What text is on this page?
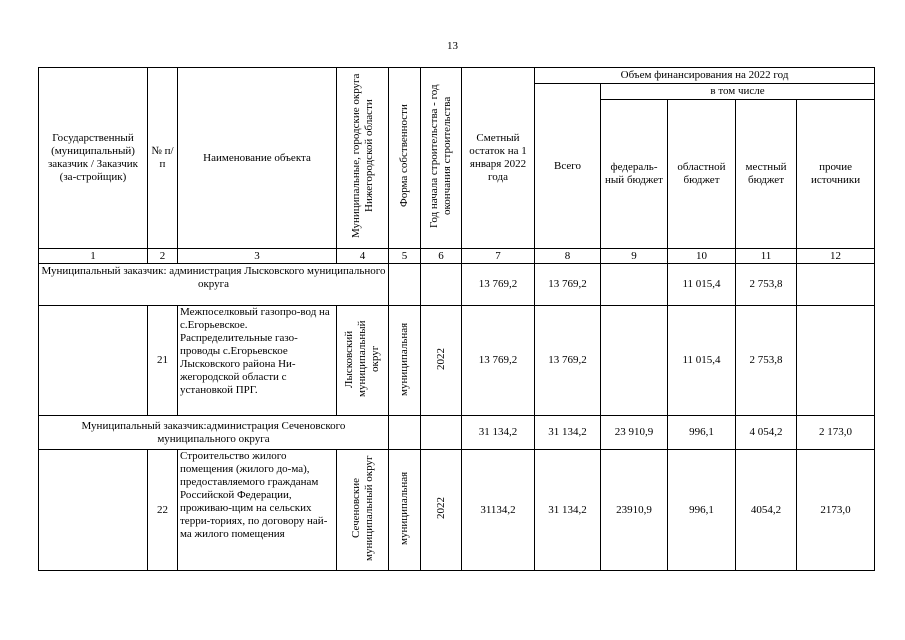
13
Государственный (муниципальный) заказчик / Заказчик (за-стройщик)	№ п/п	Наименование объекта	Муниципальные, городские округа Нижегородской области	Форма собственности	Год начала строительства - год окончания строительства	Сметный остаток на 1 января 2022 года	Объем финансирования на 2022 год				
							Всего	в том числе			
								федераль-ный бюджет	областной бюджет	местный бюджет	прочие источники
1	2	3	4	5	6	7	8	9	10	11	12
Муниципальный заказчик: администрация Лысковского муниципального округа						13 769,2	13 769,2		11 015,4	2 753,8	
	21	Межпоселковый газопро-вод на с.Егорьевское. Распределительные газо-проводы с.Егорьевское Лысковского района Ни-жегородской области с установкой ПРГ.	Лысковский муниципальный округ	муниципальная	2022	13 769,2	13 769,2		11 015,4	2 753,8	
Муниципальный заказчик:администрация Сеченовского муниципального округа						31 134,2	31 134,2	23 910,9	996,1	4 054,2	2 173,0
	22	Строительство жилого помещения (жилого до-ма), предоставляемого гражданам Российской Федерации, проживаю-щим на сельских терри-ториях, по договору най-ма жилого помещения	Сеченовские муниципальный округ	муниципальная	2022	31134,2	31 134,2	23910,9	996,1	4054,2	2173,0
